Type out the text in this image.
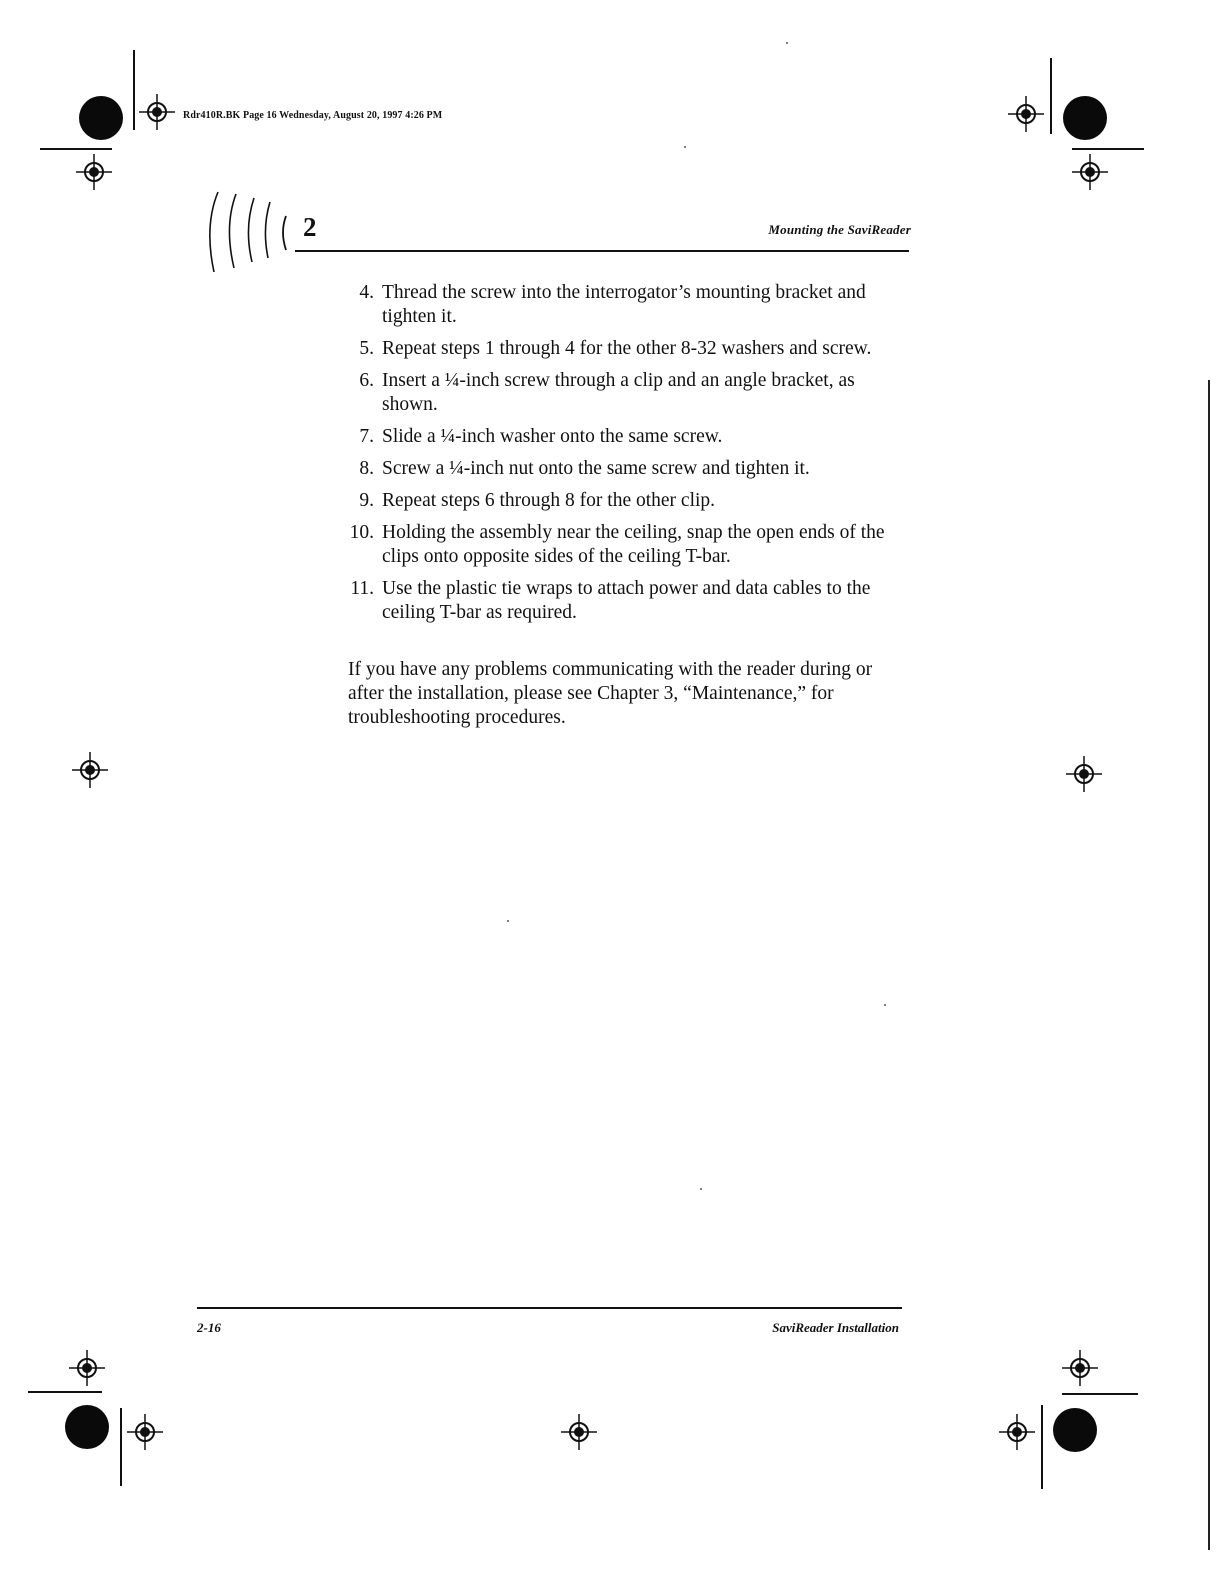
Rdr410R.BK Page 16 Wednesday, August 20, 1997 4:26 PM
2	Mounting the SaviReader
4. Thread the screw into the interrogator’s mounting bracket and tighten it.
5. Repeat steps 1 through 4 for the other 8-32 washers and screw.
6. Insert a ¼-inch screw through a clip and an angle bracket, as shown.
7. Slide a ¼-inch washer onto the same screw.
8. Screw a ¼-inch nut onto the same screw and tighten it.
9. Repeat steps 6 through 8 for the other clip.
10. Holding the assembly near the ceiling, snap the open ends of the clips onto opposite sides of the ceiling T-bar.
11. Use the plastic tie wraps to attach power and data cables to the ceiling T-bar as required.

If you have any problems communicating with the reader during or after the installation, please see Chapter 3, “Maintenance,” for troubleshooting procedures.

2-16	SaviReader Installation
